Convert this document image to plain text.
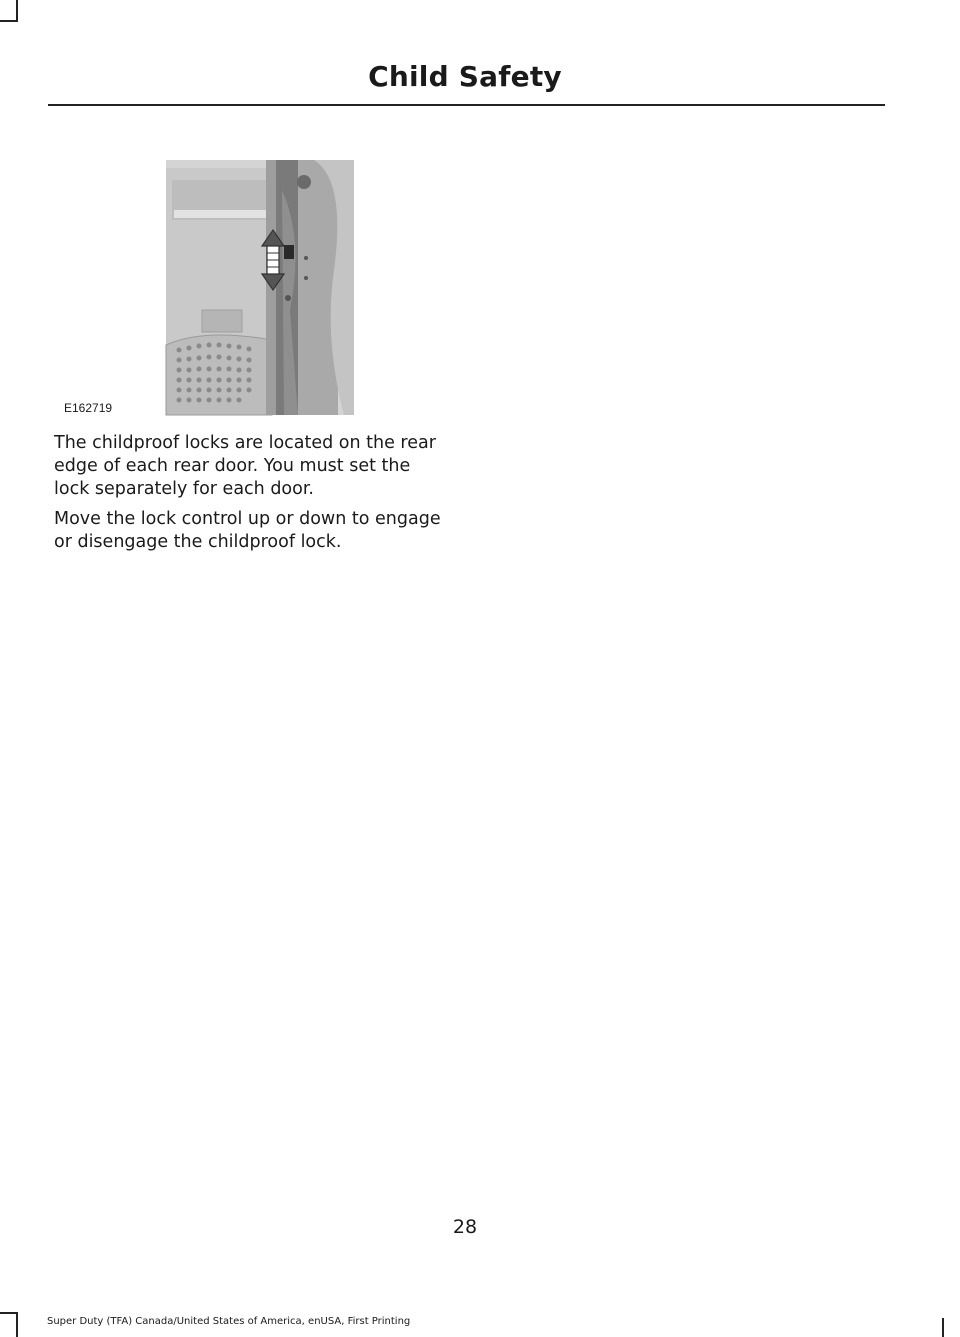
Child Safety
E162719

The childproof locks are located on the rear edge of each rear door. You must set the lock separately for each door.

Move the lock control up or down to engage or disengage the childproof lock.

28
Super Duty (TFA) Canada/United States of America, enUSA, First Printing
